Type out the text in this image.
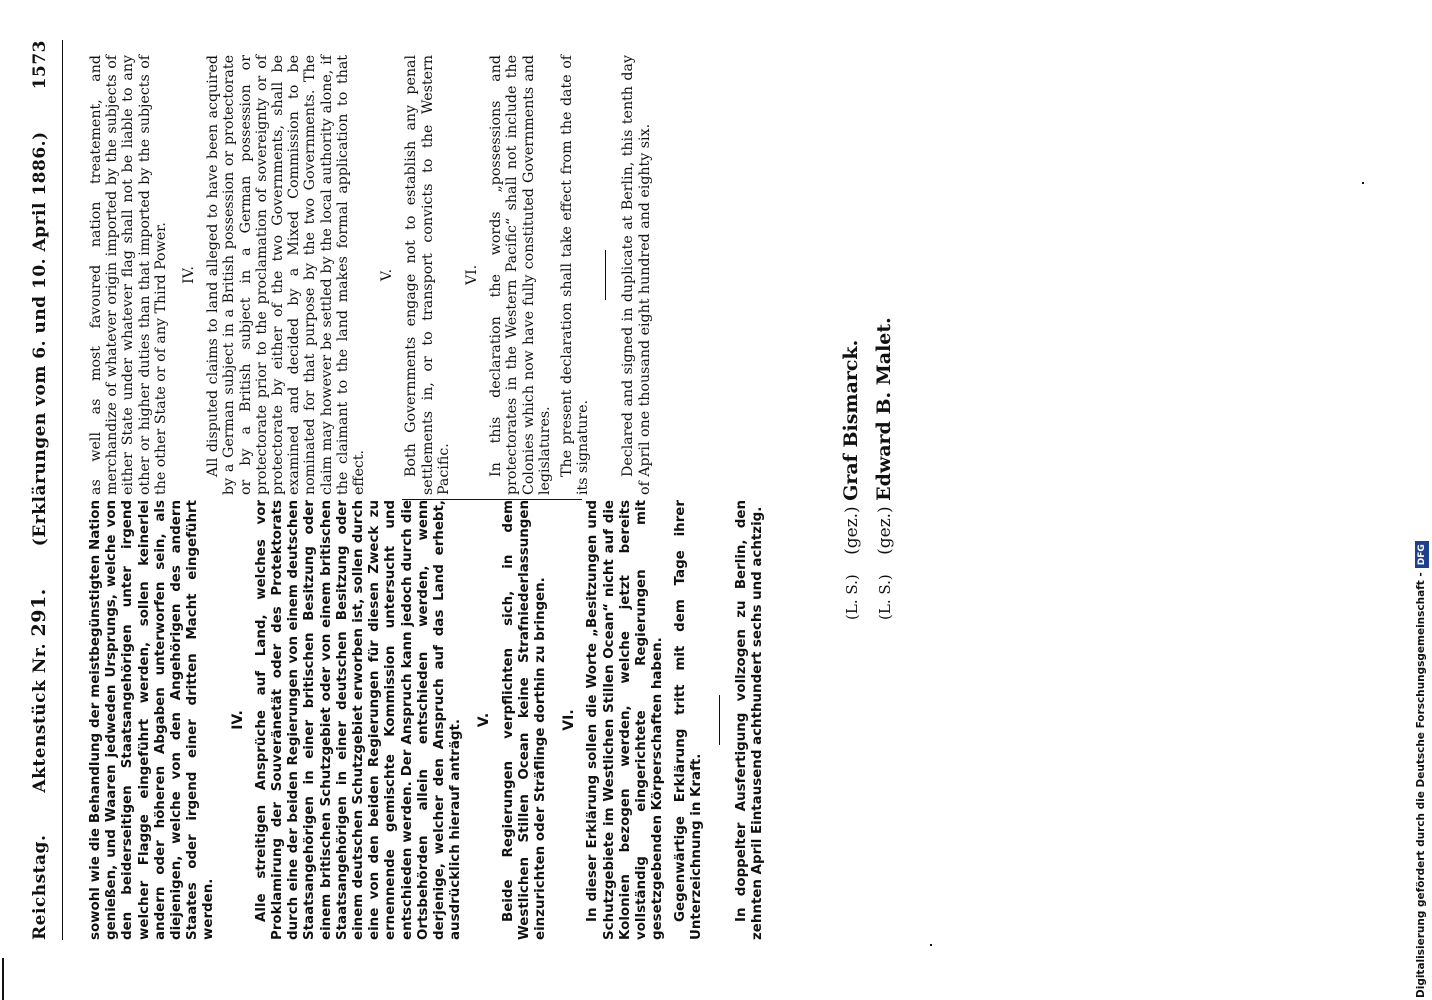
Reichstag.
Aktenstück Nr. 291.
(Erklärungen vom 6. und 10. April 1886.)
1573

sowohl wie die Behandlung der meistbegünstigten Nation genießen, und Waaren jedweden Ursprungs, welche von den beiderseitigen Staatsangehörigen unter irgend welcher Flagge eingeführt werden, sollen keinerlei andern oder höheren Abgaben unterworfen sein, als diejenigen, welche von den Angehörigen des andern Staates oder irgend einer dritten Macht eingeführt werden.

IV. Alle streitigen Ansprüche auf Land, welches vor Proklamirung der Souveränetät oder des Protektorats durch eine der beiden Regierungen von einem deutschen Staatsangehörigen in einer britischen Besitzung oder einem britischen Schutzgebiet oder von einem britischen Staatsangehörigen in einer deutschen Besitzung oder einem deutschen Schutzgebiet erworben ist, sollen durch eine von den beiden Regierungen für diesen Zweck zu ernennende gemischte Kommission untersucht und entschieden werden. Der Anspruch kann jedoch durch die Ortsbehörden allein entschieden werden, wenn derjenige, welcher den Anspruch auf das Land erhebt, ausdrücklich hierauf anträgt. V. Beide Regierungen verpflichten sich, in dem Westlichen Stillen Ocean keine Strafniederlassungen einzurichten oder Sträflinge dorthin zu bringen. VI. In dieser Erklärung sollen die Worte „Besitzungen und Schutzgebiete im Westlichen Stillen Ocean“ nicht auf die Kolonien bezogen werden, welche jetzt bereits vollständig eingerichtete Regierungen mit gesetzgebenden Körperschaften haben. Gegenwärtige Erklärung tritt mit dem Tage ihrer Unterzeichnung in Kraft. In doppelter Ausfertigung vollzogen zu Berlin, den zehnten April Eintausend achthundert sechs und achtzig.

as well as most favoured nation treatement, and merchandize of whatever origin imported by the subjects of either State under whatever flag shall not be liable to any other or higher duties than that imported by the subjects of the other State or of any Third Power. IV. All disputed claims to land alleged to have been acquired by a German subject in a British possession or protectorate or by a British subject in a German possession or protectorate prior to the proclamation of sovereignty or of protectorate by either of the two Governments, shall be examined and decided by a Mixed Commission to be nominated for that purpose by the two Governments. The claim may however be settled by the local authority alone, if the claimant to the land makes formal application to that effect.

V. Both Governments engage not to establish any penal settlements in, or to transport convicts to the Western Pacific.

VI. In this declaration the words „possessions and protectorates in the Western Pacific“ shall not include the Colonies which now have fully constituted Governments and legislatures. The present declaration shall take effect from the date of its signature. Declared and signed in duplicate at Berlin, this tenth day of April one thousand eight hundred and eighty six.

(L. S.) (gez.) Graf Bismarck.
(L. S.) (gez.) Edward B. Malet.
Digitalisierung gefördert durch die Deutsche Forschungsgemeinschaft -DFG
